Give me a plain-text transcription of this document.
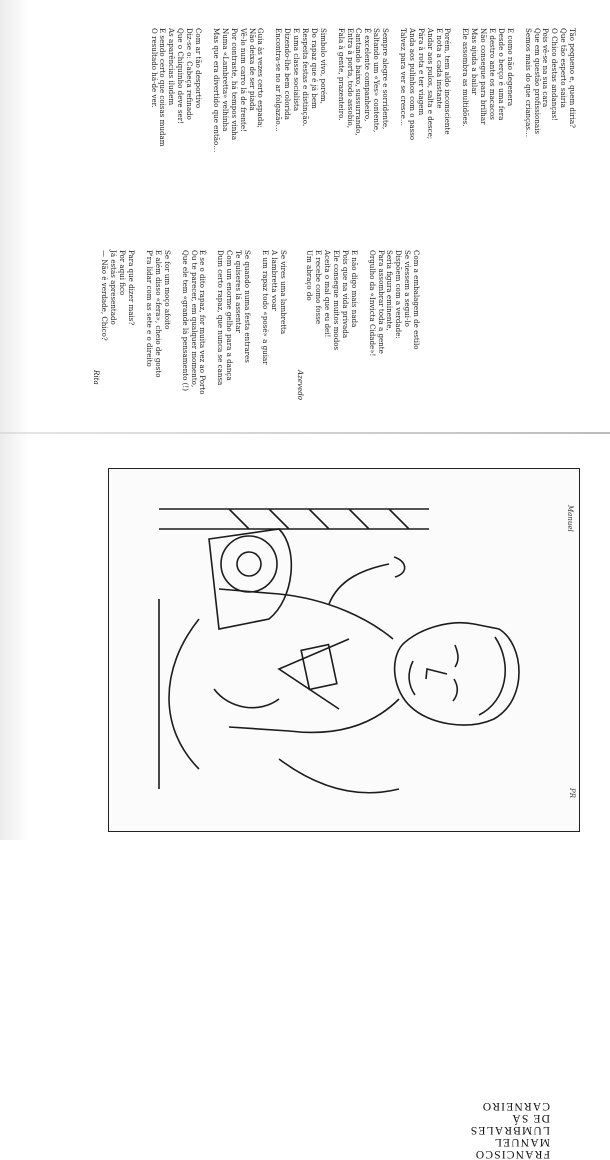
Tão pequeno e, quem diria?

Que tão esperto sairia

O Chico destas andanças!

Pois vê-se na sua cara

Que em questão profissionais

Semos mais do que crianças…

E como não degenera

Desde o berço é uma fera

E destro ante os macacos

Não consegue para brilhar

Mas ajuda a bailar

Ele assombra as multidões.

Porém, tem aldo inconsciente

E nota a cada instante

Andar aos pulos, salta e desce;

Pára à rota e ter viagem

Anda aos pulinhos com o passo

Talvez para ver se cresce…

Sempre alegre e sorridente,

Saltando um «Yes» contente,

É excelente companheiro,

Cantando baixo, sussurrando,

Entra à porta, todo assobio,

Fala à gente, prazenteiro.

Simbolo vivo, porém,

Do rapaz que é já bem

Respeita festas e distinção.

E uma classe socialista

Dizendo-lhe bem colorida

Encontra-se no ar folgazão…

Guia às vezes certo espada;

Não deixa de ser piada

Vê-lo num carro lá de frente!

Por contraste, há tempos vinha

Numa «Lambretta» velhinha

Mas que era divertido que então…

Com ar tão desportivo

Diz-se o: Cabeça refinado

Que o Chiquinho deve ser!

As aparências iludem

E sendo certo que coisas mudam

O resultado há-de ver.

Com a embalagem de estilo

Se viessem a segui-lo

Dispõem com a verdade:

Seria figura eminente,

Para assombrar toda a gente

Orgulho da «Invicta Cidade»!

E não digo mais nada

Pois que na vida privada

Ele consegue muitos modos

Aceita o mal que eu dei!

E recebe como fosse

Um abraço do

Azevedo

Se vires uma lambretta

A lambretta voar

E um rapaz todo «posé» a guiar

Se quando numa festa entrares

Te quiseres lá assentar

Com um enorme gelho para a dança

Dum certo rapaz, que nunca se cansa

É se o dito rapaz, for muita vez ao Porto

Ou te parecer, em qualquer momento,

Que ele tem «grande lá pensamento (!)

Se for um moço afoito

E além disso «fera», cheio de gosto

P'ra lidar com as sete e o direito

Para que dizer mais?

Por aqui fico

Já estás apresentado

— Não é verdade, Chico?

Rita

FRANCISCO MANUEL LUMBRALES DE SÁ CARNEIRO
Manuel
PR
